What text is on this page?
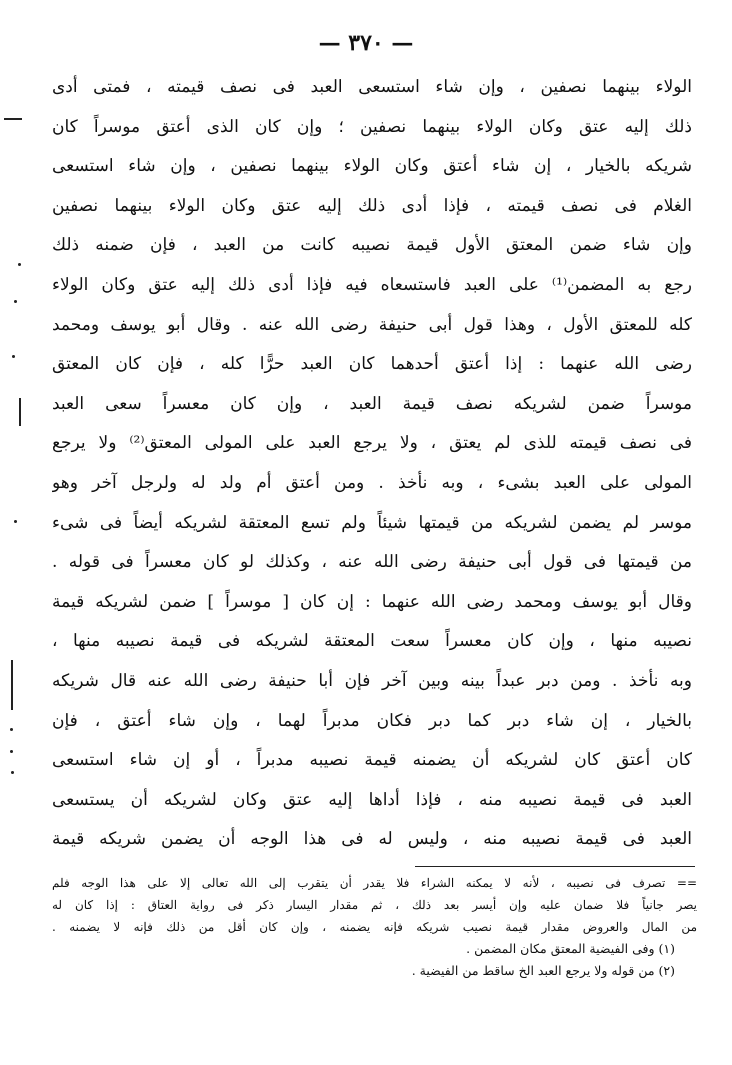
— ٣٧٠ —
الولاء بينهما نصفين ، وإن شاء استسعى العبد فى نصف قيمته ، فمتى أدى
ذلك إليه عتق وكان الولاء بينهما نصفين ؛ وإن كان الذى أعتق موسراً كان
شريكه بالخيار ، إن شاء أعتق وكان الولاء بينهما نصفين ، وإن شاء استسعى
الغلام فى نصف قيمته ، فإذا أدى ذلك إليه عتق وكان الولاء بينهما نصفين
وإن شاء ضمن المعتق الأول قيمة نصيبه كانت من العبد ، فإن ضمنه ذلك
رجع به المضمن⁽¹⁾ على العبد فاستسعاه فيه فإذا أدى ذلك إليه عتق وكان الولاء
كله للمعتق الأول ، وهذا قول أبى حنيفة رضى الله عنه . وقال أبو يوسف ومحمد
رضى الله عنهما : إذا أعتق أحدهما كان العبد حرًّا كله ، فإن كان المعتق
موسراً ضمن لشريكه نصف قيمة العبد ، وإن كان معسراً سعى العبد
فى نصف قيمته للذى لم يعتق ، ولا يرجع العبد على المولى المعتق⁽²⁾ ولا يرجع
المولى على العبد بشىء ، وبه نأخذ . ومن أعتق أم ولد له ولرجل آخر وهو
موسر لم يضمن لشريكه من قيمتها شيئاً ولم تسع المعتقة لشريكه أيضاً فى شىء
من قيمتها فى قول أبى حنيفة رضى الله عنه ، وكذلك لو كان معسراً فى قوله .
وقال أبو يوسف ومحمد رضى الله عنهما : إن كان [ موسراً ] ضمن لشريكه قيمة
نصيبه منها ، وإن كان معسراً سعت المعتقة لشريكه فى قيمة نصيبه منها ،
وبه نأخذ . ومن دبر عبداً بينه وبين آخر فإن أبا حنيفة رضى الله عنه قال شريكه
بالخيار ، إن شاء دبر كما دبر فكان مدبراً لهما ، وإن شاء أعتق ، فإن
كان أعتق كان لشريكه أن يضمنه قيمة نصيبه مدبراً ، أو إن شاء استسعى
العبد فى قيمة نصيبه منه ، فإذا أداها إليه عتق وكان لشريكه أن يستسعى
العبد فى قيمة نصيبه منه ، وليس له فى هذا الوجه أن يضمن شريكه قيمة
== تصرف فى نصيبه ، لأنه لا يمكنه الشراء فلا يقدر أن يتقرب إلى الله تعالى إلا على هذا الوجه فلم
يصر جانياً فلا ضمان عليه وإن أيسر بعد ذلك ، ثم مقدار اليسار ذكر فى رواية العتاق : إذا كان له
من المال والعروض مقدار قيمة نصيب شريكه فإنه يضمنه ، وإن كان أقل من ذلك فإنه لا يضمنه .
(١) وفى الفيضية المعتق مكان المضمن .
(٢) من قوله ولا يرجع العبد الخ ساقط من الفيضية .
